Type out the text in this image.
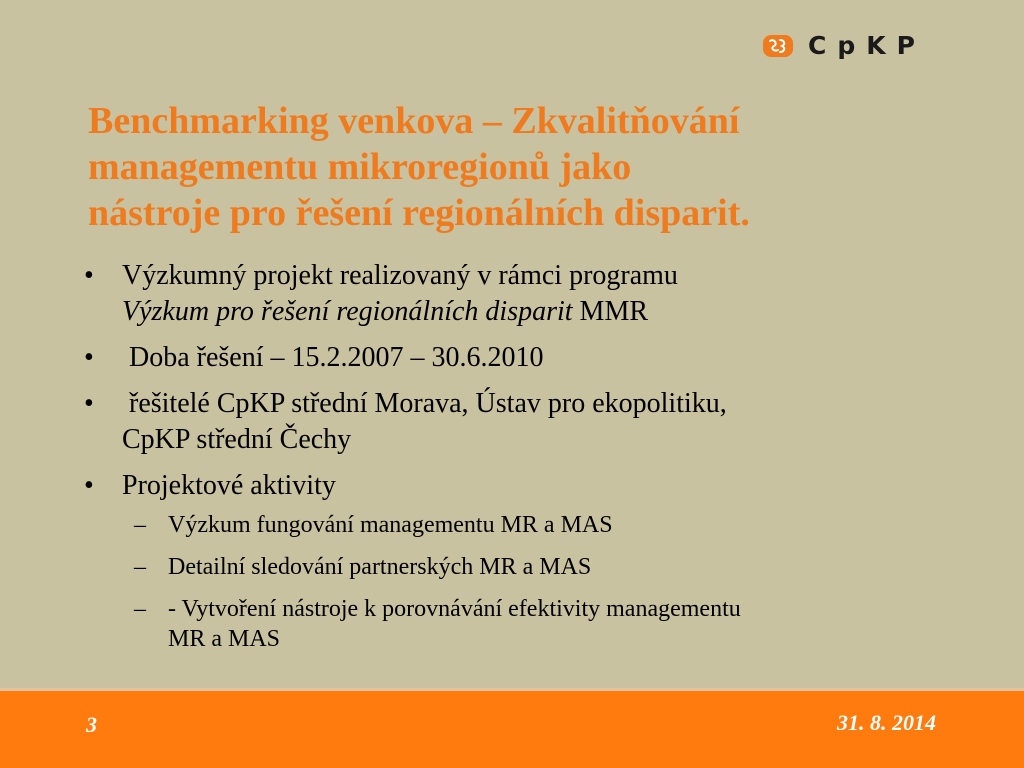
CpKP
Benchmarking venkova – Zkvalitňování
managementu mikroregionů jako
nástroje pro řešení regionálních disparit.
• Výzkumný projekt realizovaný v rámci programu
Výzkum pro řešení regionálních disparit MMR
• Doba řešení – 15.2.2007 – 30.6.2010
• řešitelé CpKP střední Morava, Ústav pro ekopolitiku,
CpKP střední Čechy
• Projektové aktivity
– Výzkum fungování managementu MR a MAS
– Detailní sledování partnerských MR a MAS
– - Vytvoření nástroje k porovnávání efektivity managementu
MR a MAS
3	31. 8. 2014
